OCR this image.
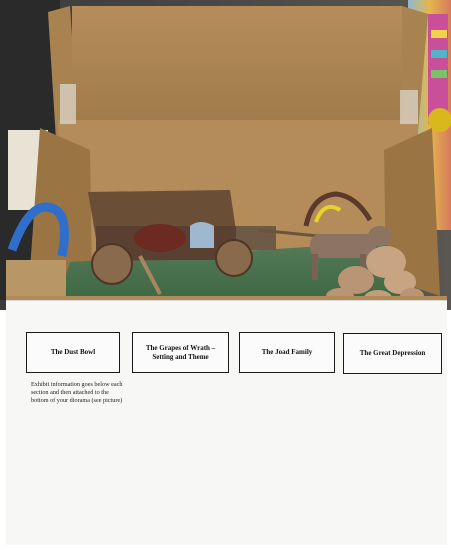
The Dust Bowl
The Grapes of Wrath – Setting and Theme
The Joad Family	The Great Depression
Exhibit information goes below each section and then attached to the bottom of your diorama (see picture)
